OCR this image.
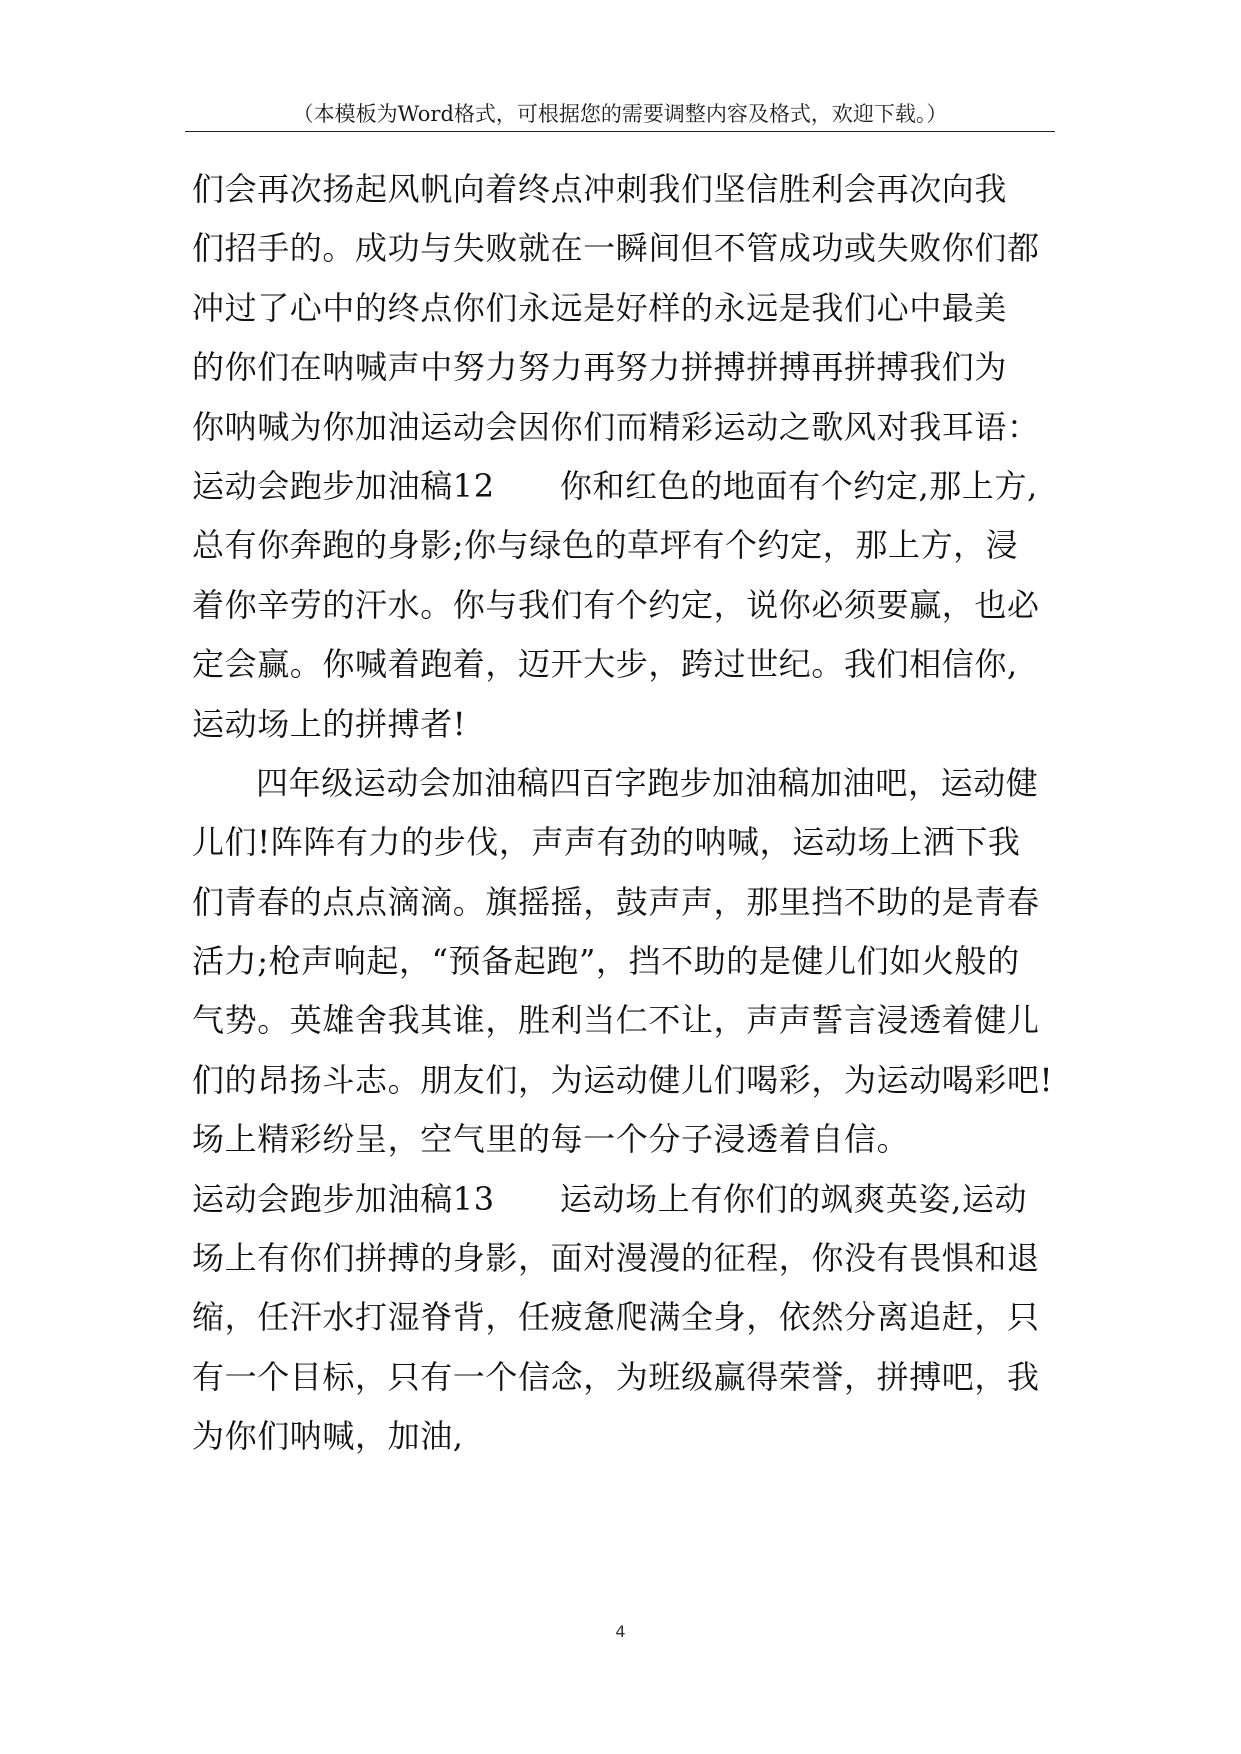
（本模板为Word格式，可根据您的需要调整内容及格式，欢迎下载。）
们会再次扬起风帆向着终点冲刺我们坚信胜利会再次向我
们招手的。成功与失败就在一瞬间但不管成功或失败你们都
冲过了心中的终点你们永远是好样的永远是我们心中最美
的你们在呐喊声中努力努力再努力拼搏拼搏再拼搏我们为
你呐喊为你加油运动会因你们而精彩运动之歌风对我耳语：
运动会跑步加油稿12　　你和红色的地面有个约定,那上方,
总有你奔跑的身影;你与绿色的草坪有个约定，那上方，浸
着你辛劳的汗水。你与我们有个约定，说你必须要赢，也必
定会赢。你喊着跑着，迈开大步，跨过世纪。我们相信你,
运动场上的拼搏者!
四年级运动会加油稿四百字跑步加油稿加油吧，运动健
儿们!阵阵有力的步伐，声声有劲的呐喊，运动场上洒下我
们青春的点点滴滴。旗摇摇，鼓声声，那里挡不助的是青春
活力;枪声响起，“预备起跑”，挡不助的是健儿们如火般的
气势。英雄舍我其谁，胜利当仁不让，声声誓言浸透着健儿
们的昂扬斗志。朋友们，为运动健儿们喝彩，为运动喝彩吧!
场上精彩纷呈，空气里的每一个分子浸透着自信。
运动会跑步加油稿13　　运动场上有你们的飒爽英姿,运动
场上有你们拼搏的身影，面对漫漫的征程，你没有畏惧和退
缩，任汗水打湿脊背，任疲惫爬满全身，依然分离追赶，只
有一个目标，只有一个信念，为班级赢得荣誉，拼搏吧，我
为你们呐喊，加油,
4
